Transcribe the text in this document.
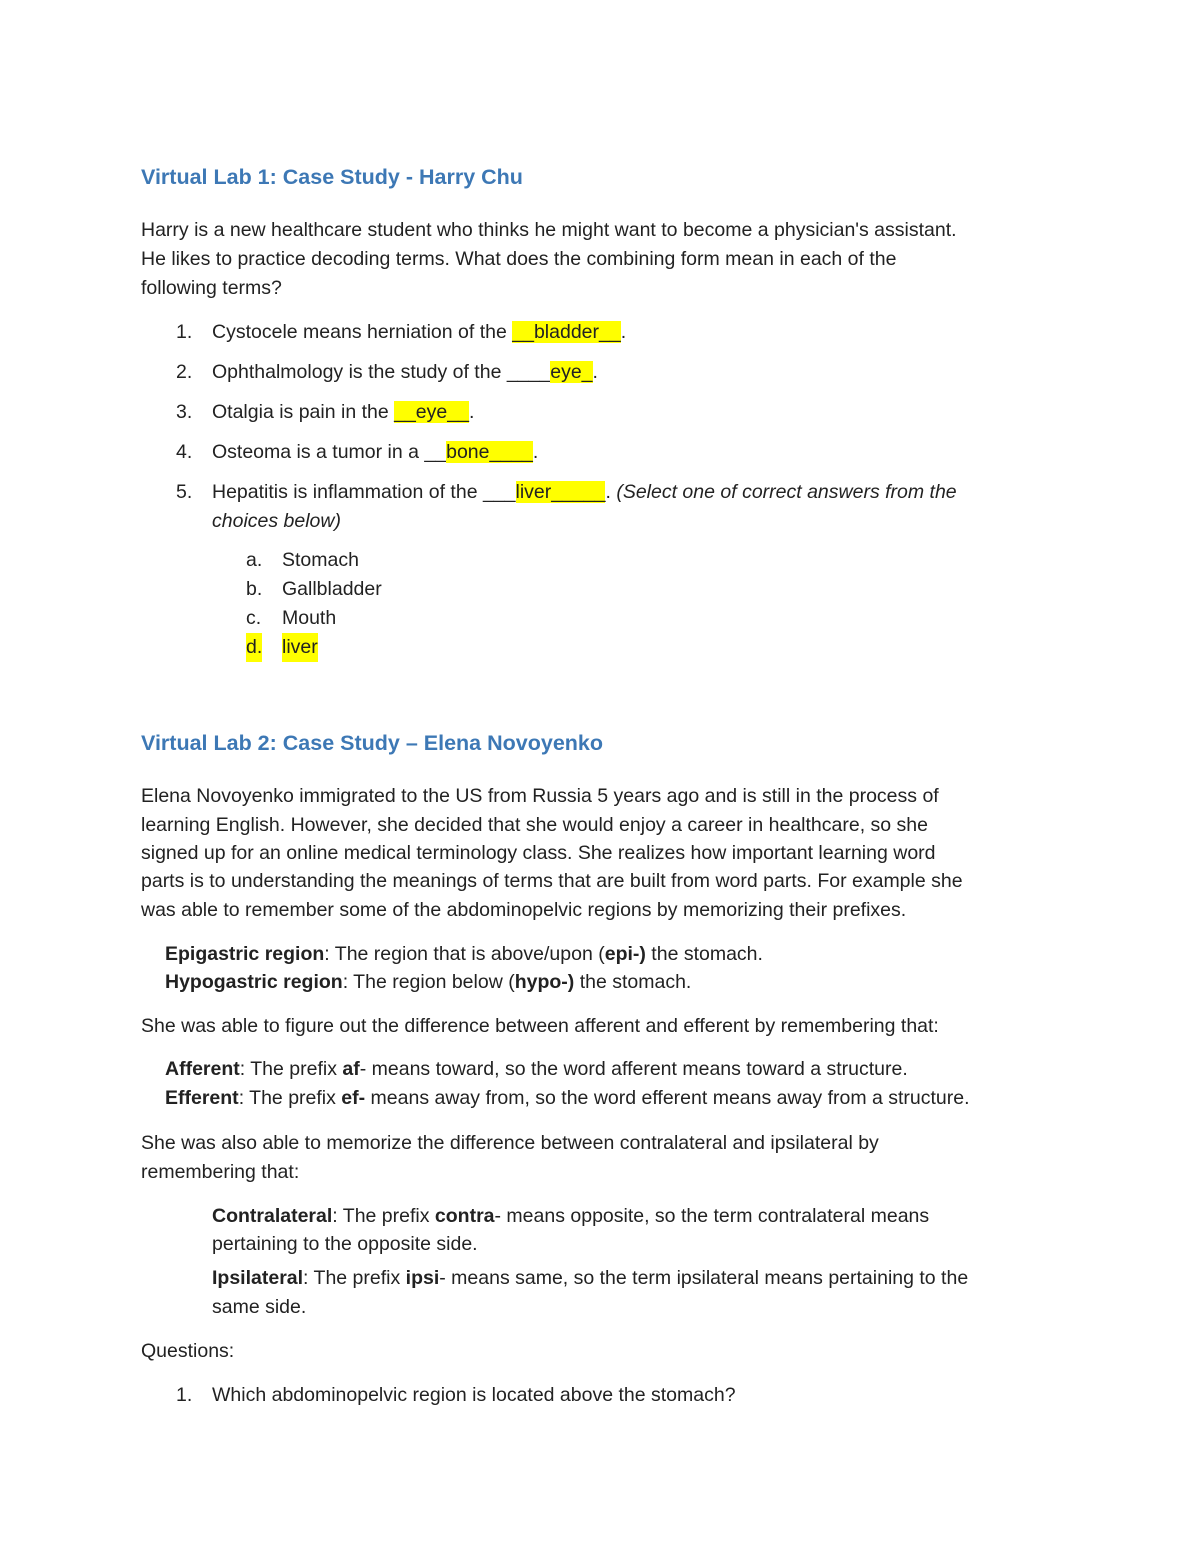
Virtual Lab 1: Case Study - Harry Chu

Harry is a new healthcare student who thinks he might want to become a physician's assistant.

He likes to practice decoding terms. What does the combining form mean in each of the

following terms?

1. Cystocele means herniation of the __bladder__.
2. Ophthalmology is the study of the ____eye_.
3. Otalgia is pain in the __eye__.
4. Osteoma is a tumor in a __bone____.
5. Hepatitis is inflammation of the ___liver_____. (Select one of correct answers from the
choices below)
a. Stomach
b. Gallbladder
c. Mouth
d. liver
Virtual Lab 2: Case Study – Elena Novoyenko

Elena Novoyenko immigrated to the US from Russia 5 years ago and is still in the process of

learning English. However, she decided that she would enjoy a career in healthcare, so she

signed up for an online medical terminology class. She realizes how important learning word

parts is to understanding the meanings of terms that are built from word parts. For example she

was able to remember some of the abdominopelvic regions by memorizing their prefixes.

Epigastric region: The region that is above/upon (epi-) the stomach.
Hypogastric region: The region below (hypo-) the stomach.

She was able to figure out the difference between afferent and efferent by remembering that:

Afferent: The prefix af- means toward, so the word afferent means toward a structure.
Efferent: The prefix ef- means away from, so the word efferent means away from a structure.

She was also able to memorize the difference between contralateral and ipsilateral by

remembering that:

Contralateral: The prefix contra- means opposite, so the term contralateral means
pertaining to the opposite side.
Ipsilateral: The prefix ipsi- means same, so the term ipsilateral means pertaining to the
same side.

Questions:

1. Which abdominopelvic region is located above the stomach?
